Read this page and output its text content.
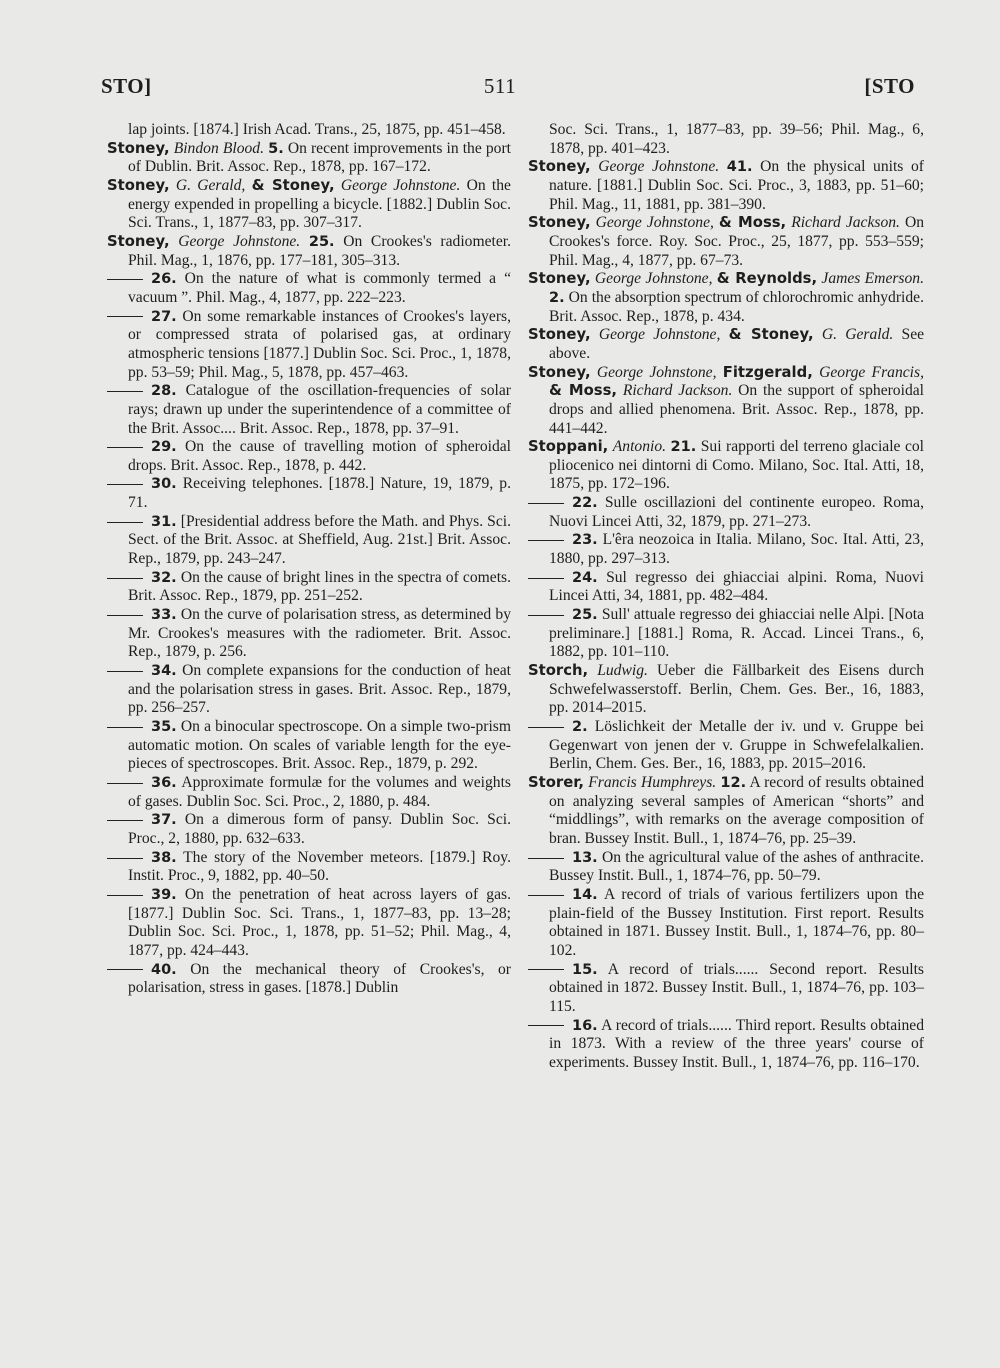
STO]	511	[STO

lap joints. [1874.] Irish Acad. Trans., 25, 1875, pp. 451–458.

Stoney, Bindon Blood. 5. On recent improvements in the port of Dublin. Brit. Assoc. Rep., 1878, pp. 167–172.

Stoney, G. Gerald, & Stoney, George Johnstone. On the energy expended in propelling a bicycle. [1882.] Dublin Soc. Sci. Trans., 1, 1877–83, pp. 307–317.

Stoney, George Johnstone. 25. On Crookes's radiometer. Phil. Mag., 1, 1876, pp. 177–181, 305–313.

26. On the nature of what is commonly termed a “ vacuum ”. Phil. Mag., 4, 1877, pp. 222–223.

27. On some remarkable instances of Crookes's layers, or compressed strata of polarised gas, at ordinary atmospheric tensions [1877.] Dublin Soc. Sci. Proc., 1, 1878, pp. 53–59; Phil. Mag., 5, 1878, pp. 457–463.

28. Catalogue of the oscillation-frequencies of solar rays; drawn up under the superintendence of a committee of the Brit. Assoc.... Brit. Assoc. Rep., 1878, pp. 37–91.

29. On the cause of travelling motion of spheroidal drops. Brit. Assoc. Rep., 1878, p. 442.

30. Receiving telephones. [1878.] Nature, 19, 1879, p. 71.

31. [Presidential address before the Math. and Phys. Sci. Sect. of the Brit. Assoc. at Sheffield, Aug. 21st.] Brit. Assoc. Rep., 1879, pp. 243–247.

32. On the cause of bright lines in the spectra of comets. Brit. Assoc. Rep., 1879, pp. 251–252.

33. On the curve of polarisation stress, as determined by Mr. Crookes's measures with the radiometer. Brit. Assoc. Rep., 1879, p. 256.

34. On complete expansions for the conduction of heat and the polarisation stress in gases. Brit. Assoc. Rep., 1879, pp. 256–257.

35. On a binocular spectroscope. On a simple two-prism automatic motion. On scales of variable length for the eye-pieces of spectroscopes. Brit. Assoc. Rep., 1879, p. 292.

36. Approximate formulæ for the volumes and weights of gases. Dublin Soc. Sci. Proc., 2, 1880, p. 484.

37. On a dimerous form of pansy. Dublin Soc. Sci. Proc., 2, 1880, pp. 632–633.

38. The story of the November meteors. [1879.] Roy. Instit. Proc., 9, 1882, pp. 40–50.

39. On the penetration of heat across layers of gas. [1877.] Dublin Soc. Sci. Trans., 1, 1877–83, pp. 13–28; Dublin Soc. Sci. Proc., 1, 1878, pp. 51–52; Phil. Mag., 4, 1877, pp. 424–443.

40. On the mechanical theory of Crookes's, or polarisation, stress in gases. [1878.] Dublin

Soc. Sci. Trans., 1, 1877–83, pp. 39–56; Phil. Mag., 6, 1878, pp. 401–423.

Stoney, George Johnstone. 41. On the physical units of nature. [1881.] Dublin Soc. Sci. Proc., 3, 1883, pp. 51–60; Phil. Mag., 11, 1881, pp. 381–390.

Stoney, George Johnstone, & Moss, Richard Jackson. On Crookes's force. Roy. Soc. Proc., 25, 1877, pp. 553–559; Phil. Mag., 4, 1877, pp. 67–73.

Stoney, George Johnstone, & Reynolds, James Emerson. 2. On the absorption spectrum of chlorochromic anhydride. Brit. Assoc. Rep., 1878, p. 434.

Stoney, George Johnstone, & Stoney, G. Gerald. See above.

Stoney, George Johnstone, Fitzgerald, George Francis, & Moss, Richard Jackson. On the support of spheroidal drops and allied phenomena. Brit. Assoc. Rep., 1878, pp. 441–442.

Stoppani, Antonio. 21. Sui rapporti del terreno glaciale col pliocenico nei dintorni di Como. Milano, Soc. Ital. Atti, 18, 1875, pp. 172–196.

22. Sulle oscillazioni del continente europeo. Roma, Nuovi Lincei Atti, 32, 1879, pp. 271–273.

23. L'êra neozoica in Italia. Milano, Soc. Ital. Atti, 23, 1880, pp. 297–313.

24. Sul regresso dei ghiacciai alpini. Roma, Nuovi Lincei Atti, 34, 1881, pp. 482–484.

25. Sull' attuale regresso dei ghiacciai nelle Alpi. [Nota preliminare.] [1881.] Roma, R. Accad. Lincei Trans., 6, 1882, pp. 101–110.

Storch, Ludwig. Ueber die Fällbarkeit des Eisens durch Schwefelwasserstoff. Berlin, Chem. Ges. Ber., 16, 1883, pp. 2014–2015.

2. Löslichkeit der Metalle der iv. und v. Gruppe bei Gegenwart von jenen der v. Gruppe in Schwefelalkalien. Berlin, Chem. Ges. Ber., 16, 1883, pp. 2015–2016.

Storer, Francis Humphreys. 12. A record of results obtained on analyzing several samples of American “shorts” and “middlings”, with remarks on the average composition of bran. Bussey Instit. Bull., 1, 1874–76, pp. 25–39.

13. On the agricultural value of the ashes of anthracite. Bussey Instit. Bull., 1, 1874–76, pp. 50–79.

14. A record of trials of various fertilizers upon the plain-field of the Bussey Institution. First report. Results obtained in 1871. Bussey Instit. Bull., 1, 1874–76, pp. 80–102.

15. A record of trials...... Second report. Results obtained in 1872. Bussey Instit. Bull., 1, 1874–76, pp. 103–115.

16. A record of trials...... Third report. Results obtained in 1873. With a review of the three years' course of experiments. Bussey Instit. Bull., 1, 1874–76, pp. 116–170.
